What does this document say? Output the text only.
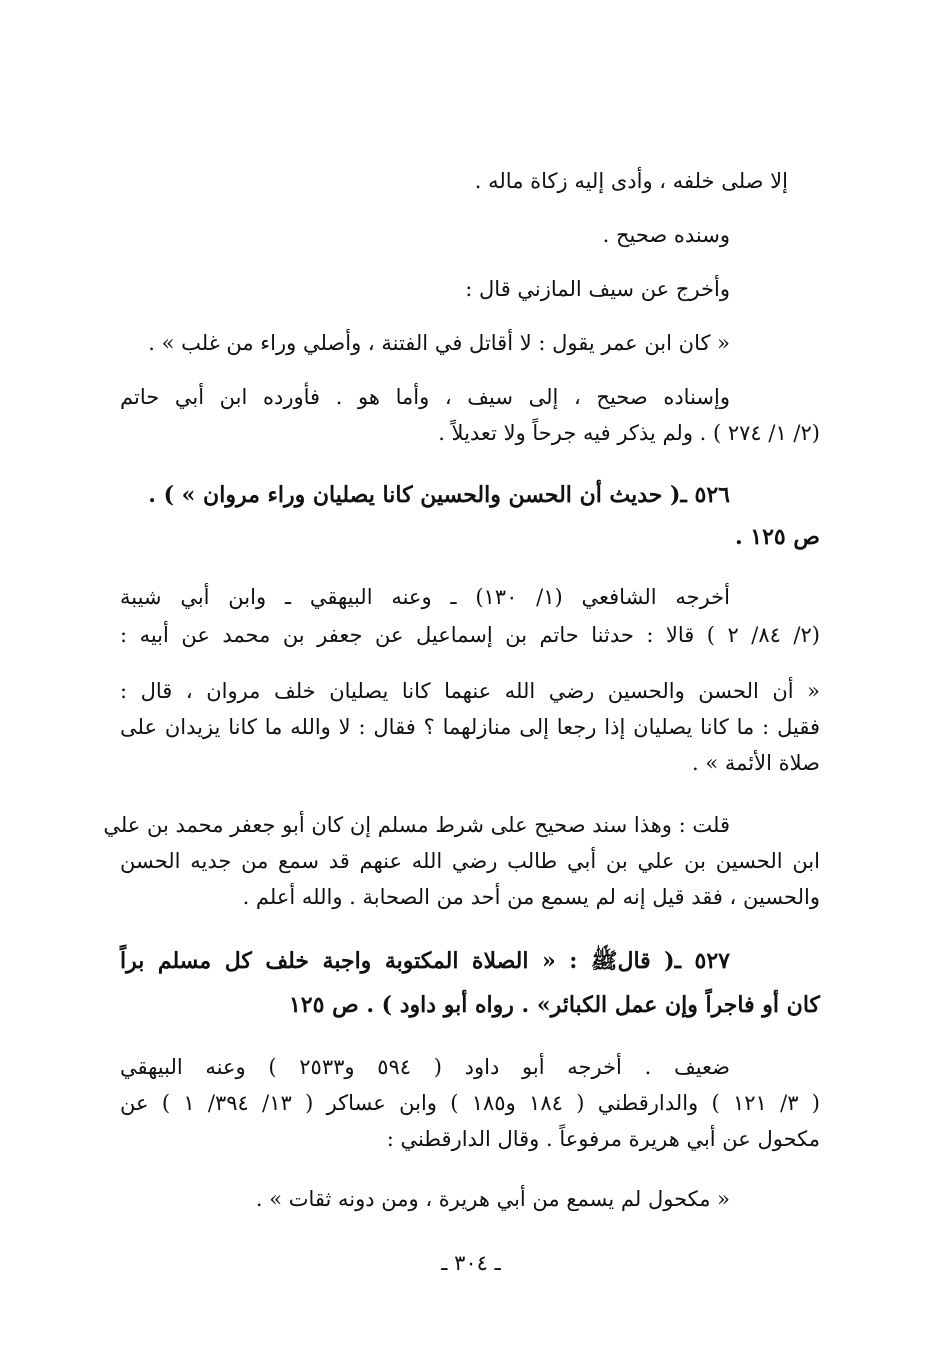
إلا صلى خلفه ، وأدى إليه زكاة ماله .
وسنده صحيح .
وأخرج عن سيف المازني قال :
« كان ابن عمر يقول : لا أقاتل في الفتنة ، وأصلي وراء من غلب » .
وإسناده صحيح ، إلى سيف ، وأما هو . فأورده ابن أبي حاتم
(٢/ ١/ ٢٧٤ ) . ولم يذكر فيه جرحاً ولا تعديلاً .
٥٢٦ ـ( حديث أن الحسن والحسين كانا يصليان وراء مروان » ) .
ص ١٢٥ .
أخرجه الشافعي (١/ ١٣٠) ـ وعنه البيهقي ـ وابن أبي شيبة
(٢/ ٨٤/ ٢ ) قالا : حدثنا حاتم بن إسماعيل عن جعفر بن محمد عن أبيه :
« أن الحسن والحسين رضي الله عنهما كانا يصليان خلف مروان ، قال :
فقيل : ما كانا يصليان إذا رجعا إلى منازلهما ؟ فقال : لا والله ما كانا يزيدان على
صلاة الأئمة » .
قلت : وهذا سند صحيح على شرط مسلم إن كان أبو جعفر محمد بن علي
ابن الحسين بن علي بن أبي طالب رضي الله عنهم قد سمع من جديه الحسن
والحسين ، فقد قيل إنه لم يسمع من أحد من الصحابة . والله أعلم .
٥٢٧ ـ( قالﷺ : « الصلاة المكتوبة واجبة خلف كل مسلم براً
كان أو فاجراً وإن عمل الكبائر» . رواه أبو داود ) . ص ١٢٥
ضعيف . أخرجه أبو داود ( ٥٩٤ و٢٥٣٣ ) وعنه البيهقي
( ٣/ ١٢١ ) والدارقطني ( ١٨٤ و١٨٥ ) وابن عساكر ( ١٣/ ٣٩٤/ ١ ) عن
مكحول عن أبي هريرة مرفوعاً . وقال الدارقطني :
« مكحول لم يسمع من أبي هريرة ، ومن دونه ثقات » .
ـ ٣٠٤ ـ
